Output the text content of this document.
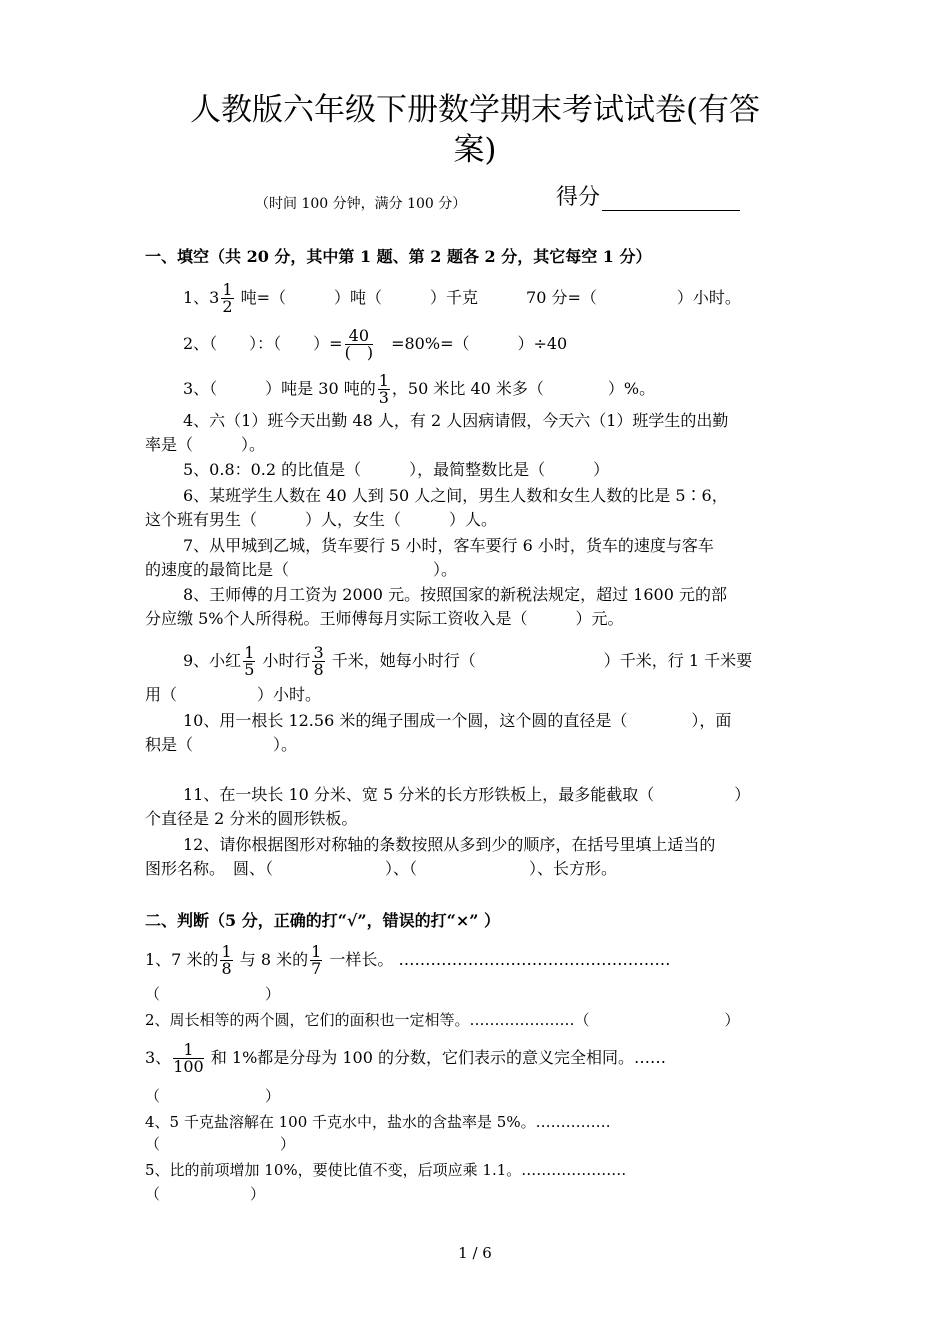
人教版六年级下册数学期末考试试卷(有答
案)
（时间 100 分钟，满分 100 分）	得分
一、填空（共 20 分，其中第 1 题、第 2 题各 2 分，其它每空 1 分）
1、$3 \frac{1}{2}$ 吨=（　　　）吨（　　　）千克　　　70 分=（　　　　　）小时。
2、（　　）：（　　）= $\frac{40}{( )}$ 　=80%=（　　　）÷40
3、（　　　）吨是 30 吨的 $\frac{1}{3}$ ，50 米比 40 米多（　　　　）%。
4、六（1）班今天出勤 48 人，有 2 人因病请假，今天六（1）班学生的出勤
率是（　　　）。
5、0.8：0.2 的比值是（　　　），最简整数比是（　　　）
6、某班学生人数在 40 人到 50 人之间，男生人数和女生人数的比是 5∶6，
这个班有男生（　　　）人，女生（　　　）人。
7、从甲城到乙城，货车要行 5 小时，客车要行 6 小时，货车的速度与客车
的速度的最简比是（　　　　　　　　　）。
8、王师傅的月工资为 2000 元。按照国家的新税法规定，超过 1600 元的部
分应缴 5%个人所得税。王师傅每月实际工资收入是（　　　）元。
9、小红 $\frac{1}{5}$ 小时行 $\frac{3}{8}$ 千米，她每小时行（　　　　　　　　）千米，行 1 千米要
用（　　　　　）小时。
10、用一根长 12.56 米的绳子围成一个圆，这个圆的直径是（　　　　），面
积是（　　　　　）。
11、在一块长 10 分米、宽 5 分米的长方形铁板上，最多能截取（　　　　　）
个直径是 2 分米的圆形铁板。
12、请你根据图形对称轴的条数按照从多到少的顺序，在括号里填上适当的
图形名称。　圆、（　　　　　　　）、（　　　　　　　）、长方形。
二、判断（5 分，正确的打“√”，错误的打“×” ）
1、7 米的 $\frac{1}{8}$ 与 8 米的 $\frac{1}{7}$ 一样长。 ……………………………………………
（　　　　　　　）
2、周长相等的两个圆，它们的面积也一定相等。…………………（　　　　　　　　　）
3、 $\frac{1}{100}$ 和 1%都是分母为 100 的分数，它们表示的意义完全相同。……
（　　　　　　　）
4、5 千克盐溶解在 100 千克水中，盐水的含盐率是 5%。……………
（　　　　　　　　）
5、比的前项增加 10%，要使比值不变，后项应乘 1.1。…………………
（　　　　　　）
1 / 6
